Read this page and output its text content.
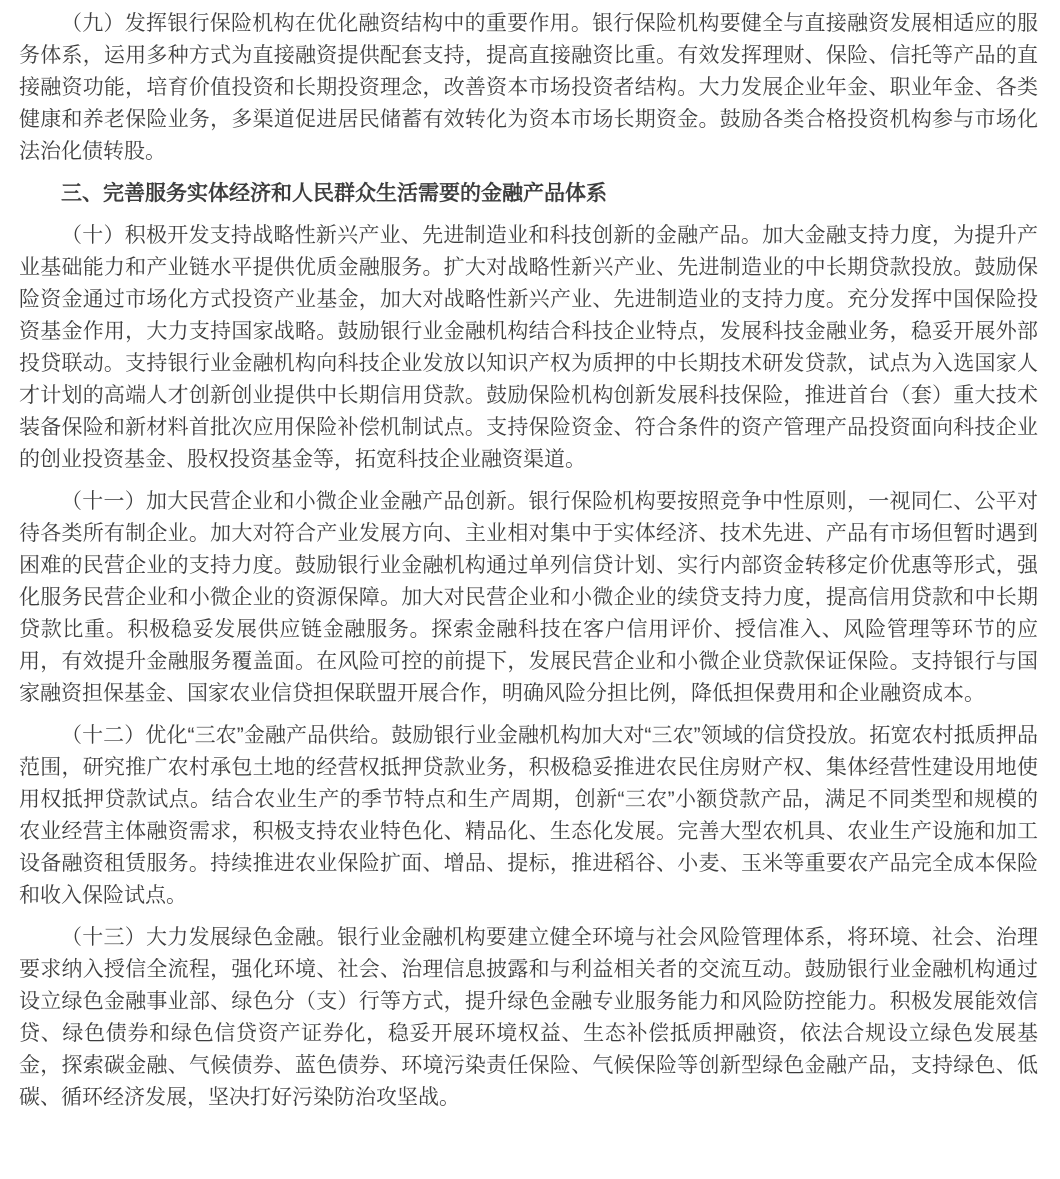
（九）发挥银行保险机构在优化融资结构中的重要作用。银行保险机构要健全与直接融资发展相适应的服务体系，运用多种方式为直接融资提供配套支持，提高直接融资比重。有效发挥理财、保险、信托等产品的直接融资功能，培育价值投资和长期投资理念，改善资本市场投资者结构。大力发展企业年金、职业年金、各类健康和养老保险业务，多渠道促进居民储蓄有效转化为资本市场长期资金。鼓励各类合格投资机构参与市场化法治化债转股。

三、完善服务实体经济和人民群众生活需要的金融产品体系

（十）积极开发支持战略性新兴产业、先进制造业和科技创新的金融产品。加大金融支持力度，为提升产业基础能力和产业链水平提供优质金融服务。扩大对战略性新兴产业、先进制造业的中长期贷款投放。鼓励保险资金通过市场化方式投资产业基金，加大对战略性新兴产业、先进制造业的支持力度。充分发挥中国保险投资基金作用，大力支持国家战略。鼓励银行业金融机构结合科技企业特点，发展科技金融业务，稳妥开展外部投贷联动。支持银行业金融机构向科技企业发放以知识产权为质押的中长期技术研发贷款，试点为入选国家人才计划的高端人才创新创业提供中长期信用贷款。鼓励保险机构创新发展科技保险，推进首台（套）重大技术装备保险和新材料首批次应用保险补偿机制试点。支持保险资金、符合条件的资产管理产品投资面向科技企业的创业投资基金、股权投资基金等，拓宽科技企业融资渠道。

（十一）加大民营企业和小微企业金融产品创新。银行保险机构要按照竞争中性原则，一视同仁、公平对待各类所有制企业。加大对符合产业发展方向、主业相对集中于实体经济、技术先进、产品有市场但暂时遇到困难的民营企业的支持力度。鼓励银行业金融机构通过单列信贷计划、实行内部资金转移定价优惠等形式，强化服务民营企业和小微企业的资源保障。加大对民营企业和小微企业的续贷支持力度，提高信用贷款和中长期贷款比重。积极稳妥发展供应链金融服务。探索金融科技在客户信用评价、授信准入、风险管理等环节的应用，有效提升金融服务覆盖面。在风险可控的前提下，发展民营企业和小微企业贷款保证保险。支持银行与国家融资担保基金、国家农业信贷担保联盟开展合作，明确风险分担比例，降低担保费用和企业融资成本。

（十二）优化“三农”金融产品供给。鼓励银行业金融机构加大对“三农”领域的信贷投放。拓宽农村抵质押品范围，研究推广农村承包土地的经营权抵押贷款业务，积极稳妥推进农民住房财产权、集体经营性建设用地使用权抵押贷款试点。结合农业生产的季节特点和生产周期，创新“三农”小额贷款产品，满足不同类型和规模的农业经营主体融资需求，积极支持农业特色化、精品化、生态化发展。完善大型农机具、农业生产设施和加工设备融资租赁服务。持续推进农业保险扩面、增品、提标，推进稻谷、小麦、玉米等重要农产品完全成本保险和收入保险试点。

（十三）大力发展绿色金融。银行业金融机构要建立健全环境与社会风险管理体系，将环境、社会、治理要求纳入授信全流程，强化环境、社会、治理信息披露和与利益相关者的交流互动。鼓励银行业金融机构通过设立绿色金融事业部、绿色分（支）行等方式，提升绿色金融专业服务能力和风险防控能力。积极发展能效信贷、绿色债券和绿色信贷资产证券化，稳妥开展环境权益、生态补偿抵质押融资，依法合规设立绿色发展基金，探索碳金融、气候债券、蓝色债券、环境污染责任保险、气候保险等创新型绿色金融产品，支持绿色、低碳、循环经济发展，坚决打好污染防治攻坚战。
